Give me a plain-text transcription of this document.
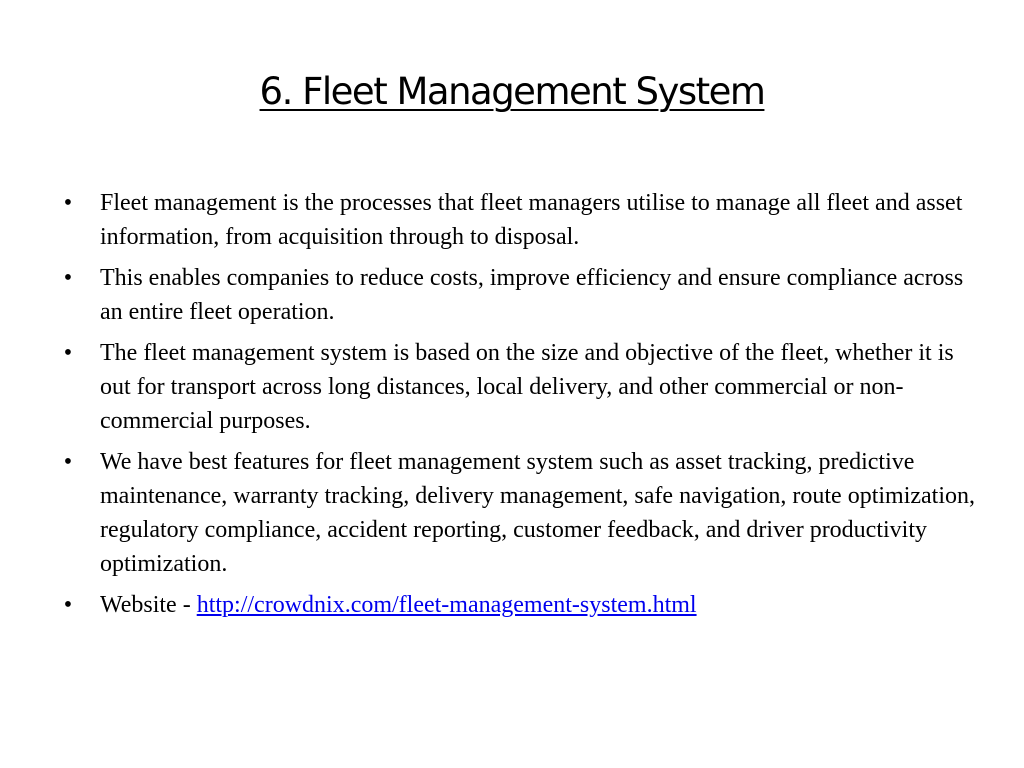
6. Fleet Management System
• Fleet management is the processes that fleet managers utilise to manage all fleet and asset information, from acquisition through to disposal.
• This enables companies to reduce costs, improve efficiency and ensure compliance across an entire fleet operation.
• The fleet management system is based on the size and objective of the fleet, whether it is out for transport across long distances, local delivery, and other commercial or non-commercial purposes.
• We have best features for fleet management system such as asset tracking, predictive maintenance, warranty tracking, delivery management, safe navigation, route optimization, regulatory compliance, accident reporting, customer feedback, and driver productivity optimization.
• Website - http://crowdnix.com/fleet-management-system.html
